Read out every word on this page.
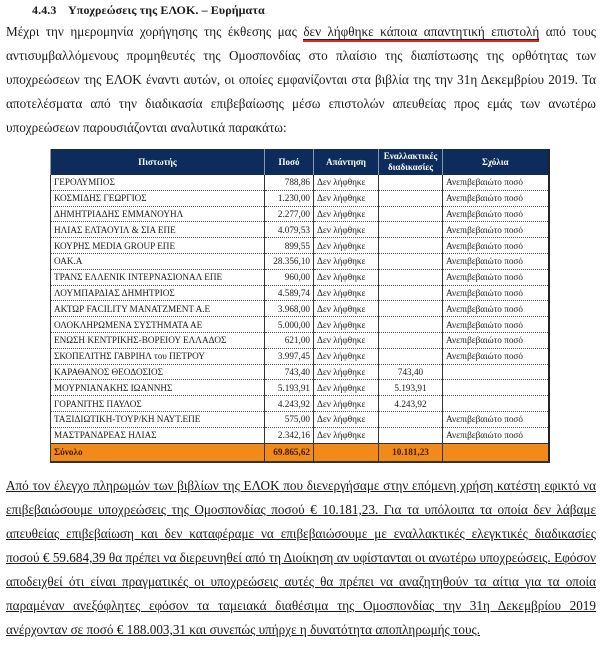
4.4.3 Υποχρεώσεις της ΕΛΟΚ. – Ευρήματα
Μέχρι την ημερομηνία χορήγησης της έκθεσης μας δεν λήφθηκε κάποια απαντητική επιστολή από τους αντισυμβαλλόμενους προμηθευτές της Ομοσπονδίας στο πλαίσιο της διαπίστωσης της ορθότητας των υποχρεώσεων της ΕΛΟΚ έναντι αυτών, οι οποίες εμφανίζονται στα βιβλία της την 31η Δεκεμβρίου 2019. Τα αποτελέσματα από την διαδικασία επιβεβαίωσης μέσω επιστολών απευθείας προς εμάς των ανωτέρω υποχρεώσεων παρουσιάζονται αναλυτικά παρακάτω:
Πιστωτής	Ποσό	Απάντηση	Εναλλακτικές διαδικασίες	Σχόλια
ΓΕΡΟΛΥΜΠΟΣ	788,86	Δεν λήφθηκε		Ανεπιβεβαιώτο ποσό
ΚΟΣΜΙΔΗΣ ΓΕΩΡΓΙΟΣ	1.230,00	Δεν λήφθηκε		Ανεπιβεβαιώτο ποσό
ΔΗΜΗΤΡΙΑΔΗΣ ΕΜΜΑΝΟΥΗΛ	2.277,00	Δεν λήφθηκε		Ανεπιβεβαιώτο ποσό
ΗΛΙΑΣ ΕΛΤΑΟΥΙΛ & ΣΙΑ ΕΠΕ	4.079,53	Δεν λήφθηκε		Ανεπιβεβαιώτο ποσό
ΚΟΥΡΗΣ MEDIA GROUP ΕΠΕ	899,55	Δεν λήφθηκε		Ανεπιβεβαιώτο ποσό
ΟΑΚ.Α	28.356,10	Δεν λήφθηκε		Ανεπιβεβαιώτο ποσό
ΤΡΑΝΣ ΕΛΛΕΝΙΚ ΙΝΤΕΡΝΑΣΙΟΝΑΛ ΕΠΕ	960,00	Δεν λήφθηκε		Ανεπιβεβαιώτο ποσό
ΛΟΥΜΠΑΡΔΙΑΣ ΔΗΜΗΤΡΙΟΣ	4.589,74	Δεν λήφθηκε		Ανεπιβεβαιώτο ποσό
ΑΚΤΩΡ FACILITY ΜΑΝΑΤΖΜΕΝΤ Α.Ε	3.968,00	Δεν λήφθηκε		Ανεπιβεβαιώτο ποσό
ΟΛΟΚΛΗΡΩΜΕΝΑ ΣΥΣΤΗΜΑΤΑ ΑΕ	5.000,00	Δεν λήφθηκε		Ανεπιβεβαιώτο ποσό
ΕΝΩΣΗ ΚΕΝΤΡΙΚΗΣ-ΒΟΡΕΙΟΥ ΕΛΛΑΔΟΣ	621,00	Δεν λήφθηκε		Ανεπιβεβαιώτο ποσό
ΣΚΟΠΕΛΙΤΗΣ ΓΑΒΡΙΗΛ του ΠΕΤΡΟΥ	3.997,45	Δεν λήφθηκε		Ανεπιβεβαιώτο ποσό
ΚΑΡΑΘΑΝΟΣ ΘΕΟΔΟΣΙΟΣ	743,40	Δεν λήφθηκε	743,40	
ΜΟΥΡΝΙΑΝΑΚΗΣ ΙΩΑΝΝΗΣ	5.193,91	Δεν λήφθηκε	5.193,91	
ΓΟΡΑΝΙΤΗΣ ΠΑΥΛΟΣ	4.243,92	Δεν λήφθηκε	4.243,92	
ΤΑΞΙΔΙΩΤΙΚΗ-ΤΟΥΡ/ΚΗ ΝΑΥΤ.ΕΠΕ	575,00	Δεν λήφθηκε		Ανεπιβεβαιώτο ποσό
ΜΑΣΤΡΑΝΔΡΕΑΣ ΗΛΙΑΣ	2.342,16	Δεν λήφθηκε		Ανεπιβεβαιώτο ποσό
Σύνολο	69.865,62		10.181,23	
Από τον έλεγχο πληρωμών των βιβλίων της ΕΛΟΚ που διενεργήσαμε στην επόμενη χρήση κατέστη εφικτό να επιβεβαιώσουμε υποχρεώσεις της Ομοσπονδίας ποσού € 10.181,23. Για τα υπόλοιπα τα οποία δεν λάβαμε απευθείας επιβεβαίωση και δεν καταφέραμε να επιβεβαιώσουμε με εναλλακτικές ελεγκτικές διαδικασίες ποσού € 59.684,39 θα πρέπει να διερευνηθεί από τη Διοίκηση αν υφίστανται οι ανωτέρω υποχρεώσεις. Εφόσον αποδειχθεί ότι είναι πραγματικές οι υποχρεώσεις αυτές θα πρέπει να αναζητηθούν τα αίτια για τα οποία παραμέναν ανεξόφλητες εφόσον τα ταμειακά διαθέσιμα της Ομοσπονδίας την 31η Δεκεμβρίου 2019 ανέρχονταν σε ποσό € 188.003,31 και συνεπώς υπήρχε η δυνατότητα αποπληρωμής τους.
